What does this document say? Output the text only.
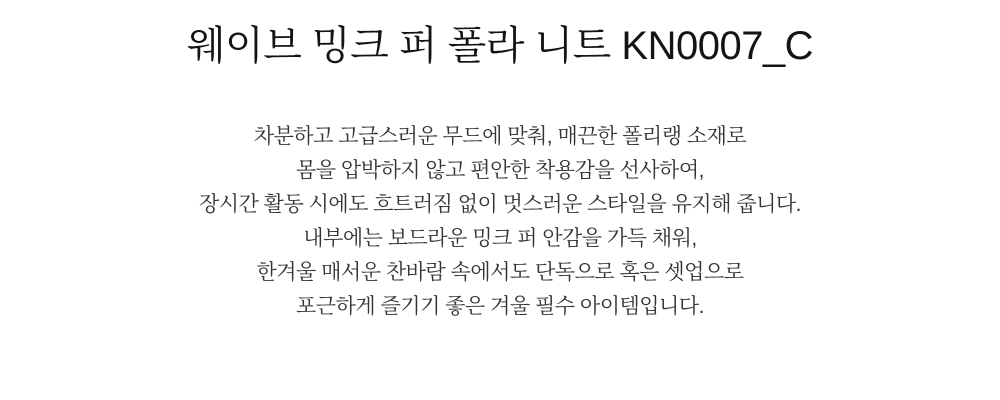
웨이브 밍크 퍼 폴라 니트 KN0007_C

차분하고 고급스러운 무드에 맞춰, 매끈한 폴리랭 소재로

몸을 압박하지 않고 편안한 착용감을 선사하여,

장시간 활동 시에도 흐트러짐 없이 멋스러운 스타일을 유지해 줍니다.

내부에는 보드라운 밍크 퍼 안감을 가득 채워,

한겨울 매서운 찬바람 속에서도 단독으로 혹은 셋업으로

포근하게 즐기기 좋은 겨울 필수 아이템입니다.
